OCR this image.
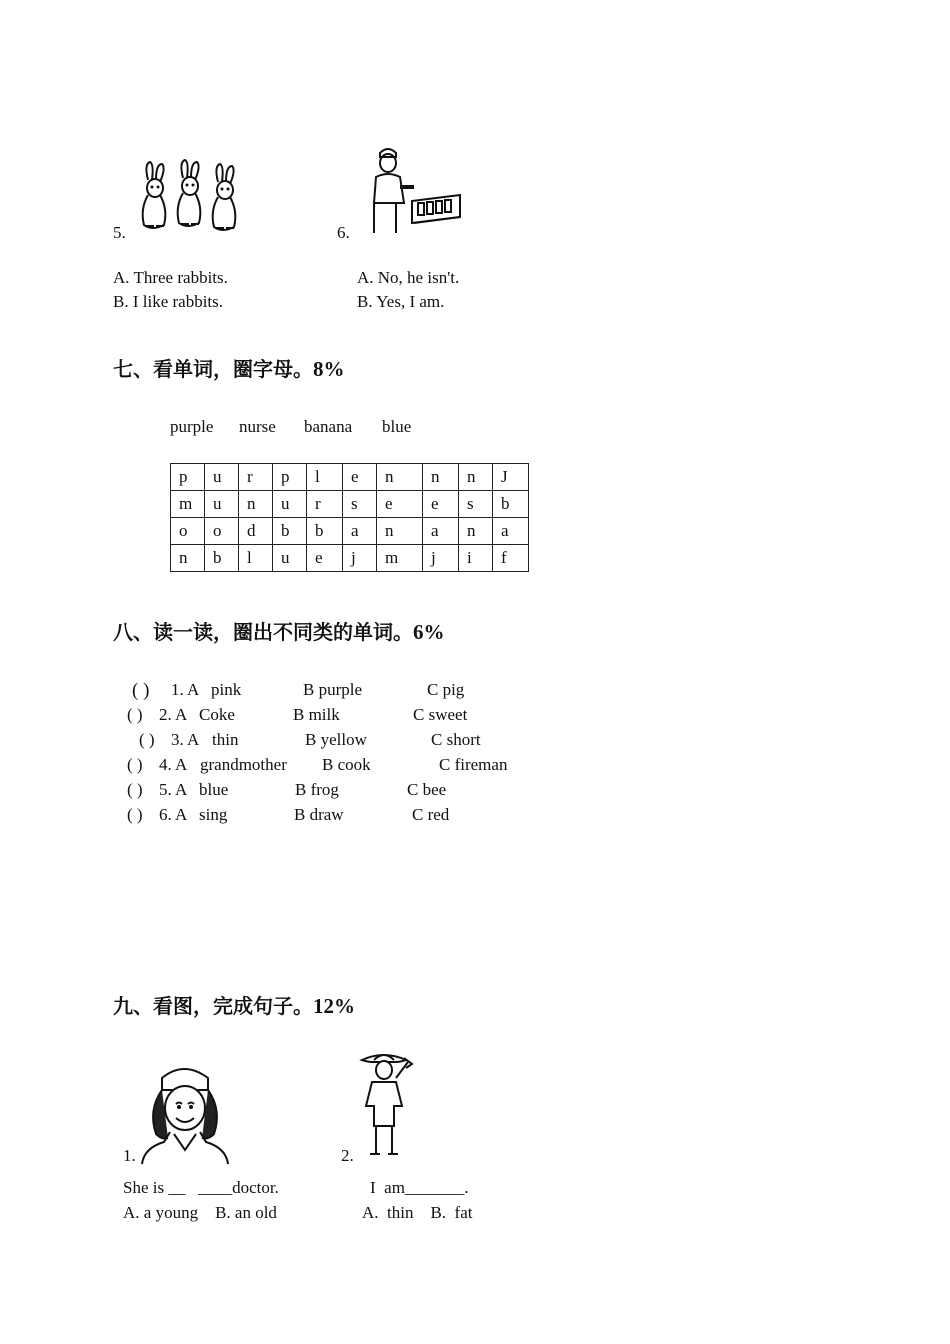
5.	6.
A. Three rabbits.
B. I like rabbits.
A. No, he isn't.
B. Yes, I am.
七、看单词，圈字母。8%
purple nurse banana blue
p	u	r	p	l	e	n	n	n	J
m	u	n	u	r	s	e	e	s	b
o	o	d	b	b	a	n	a	n	a
n	b	l	u	e	j	m	j	i	f
八、读一读，圈出不同类的单词。6%
( ) 1. A pink	B purple	C pig
( ) 2. A Coke	B milk	C sweet
( ) 3. A thin	B yellow	C short
( ) 4. A grandmother B cook	C fireman
( ) 5. A blue	B frog	C bee
( ) 6. A sing	B draw	C red
九、看图，完成句子。12%
1.	2.
She is __   ____doctor.
A. a young    B. an old
I  am_______.
A.  thin    B.  fat
